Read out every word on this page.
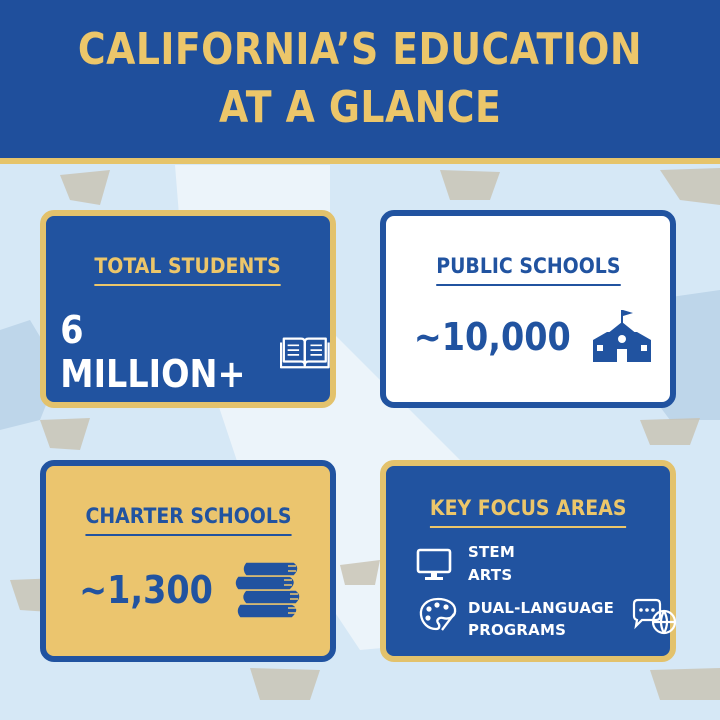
CALIFORNIA’S EDUCATION
AT A GLANCE
TOTAL STUDENTS
6 MILLION+
PUBLIC SCHOOLS
~10,000
CHARTER SCHOOLS
~1,300
KEY FOCUS AREAS
STEM
ARTS
DUAL-LANGUAGE
PROGRAMS
